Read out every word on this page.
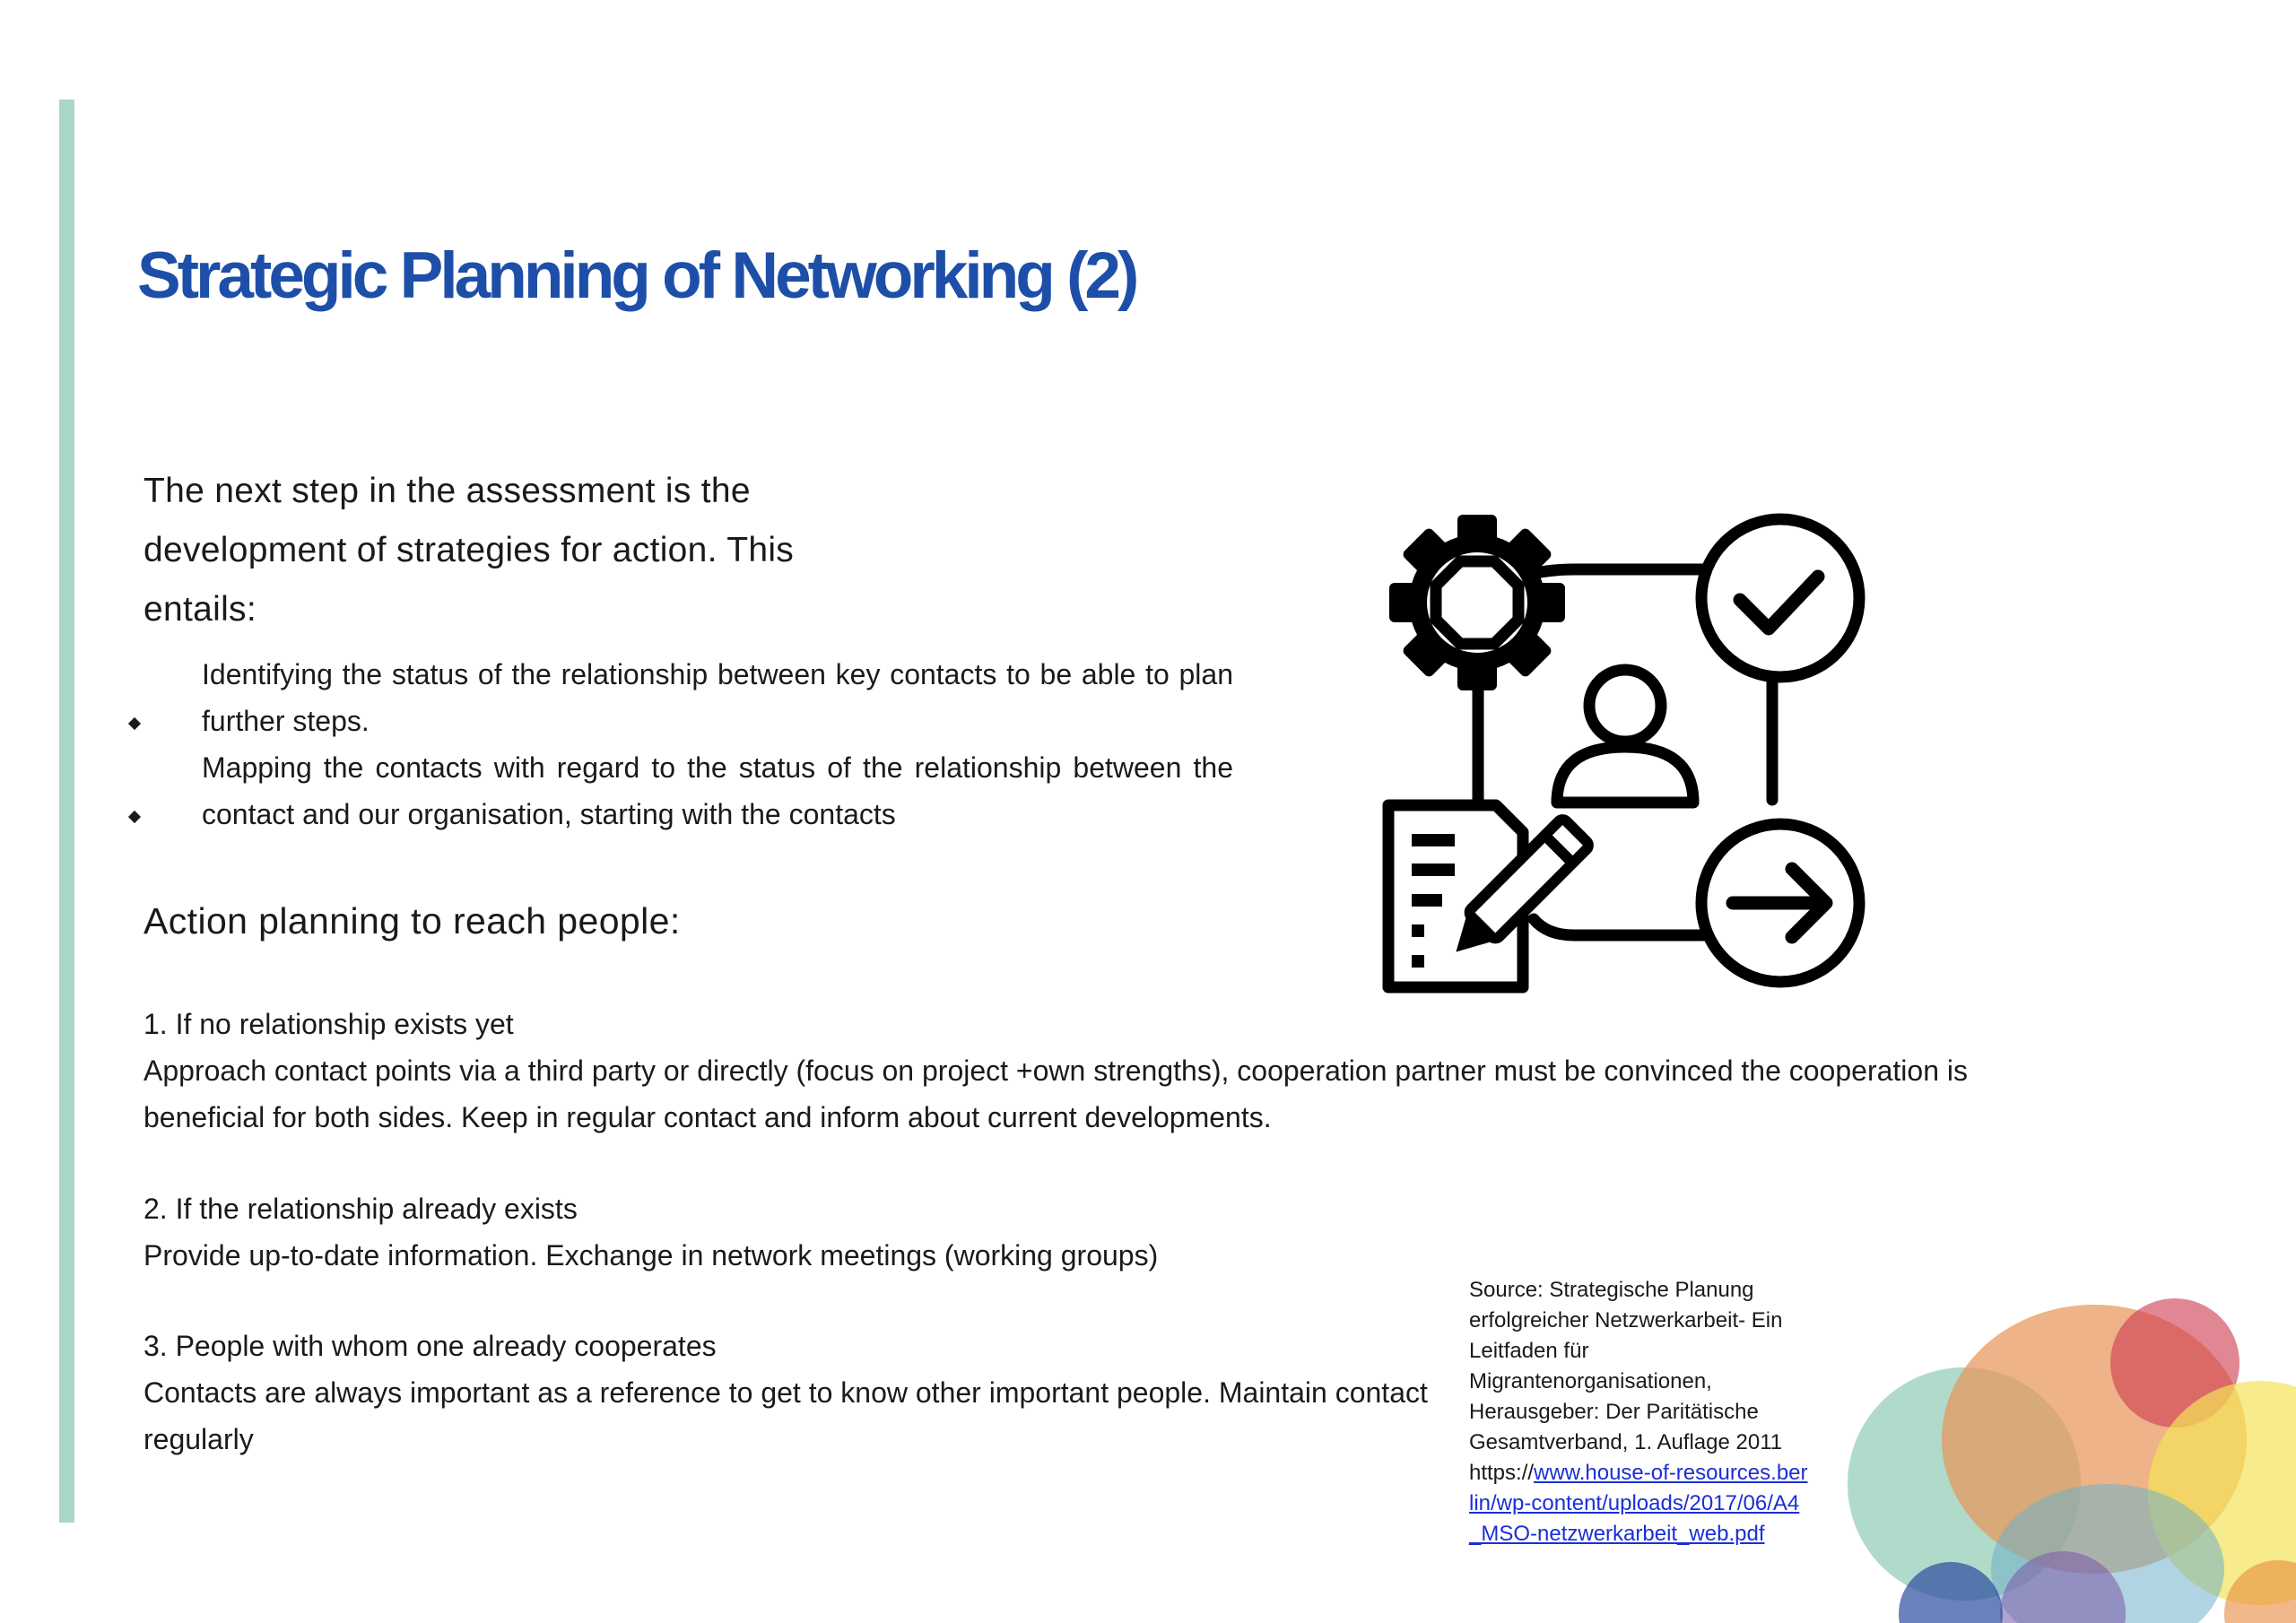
Strategic Planning of Networking (2)

The next step in the assessment is the development of strategies for action. This entails:

Identifying the status of the relationship between key contacts to be able to plan further steps.
Mapping the contacts with regard to the status of the relationship between the contact and our organisation, starting with the contacts
Action planning to reach people:

1. If no relationship exists yet

Approach contact points via a third party or directly (focus on project +own strengths), cooperation partner must be convinced the cooperation is beneficial for both sides. Keep in regular contact and inform about current developments.

2. If the relationship already exists

Provide up-to-date information. Exchange in network meetings (working groups)

3. People with whom one already cooperates

Contacts are always important as a reference to get to know other important people. Maintain contact regularly

Source: Strategische Planung erfolgreicher Netzwerkarbeit- Ein Leitfaden für Migrantenorganisationen, Herausgeber: Der Paritätische Gesamtverband, 1. Auflage 2011

https://www.house-of-resources.berlin/wp-content/uploads/2017/06/A4_MSO-netzwerkarbeit_web.pdf
